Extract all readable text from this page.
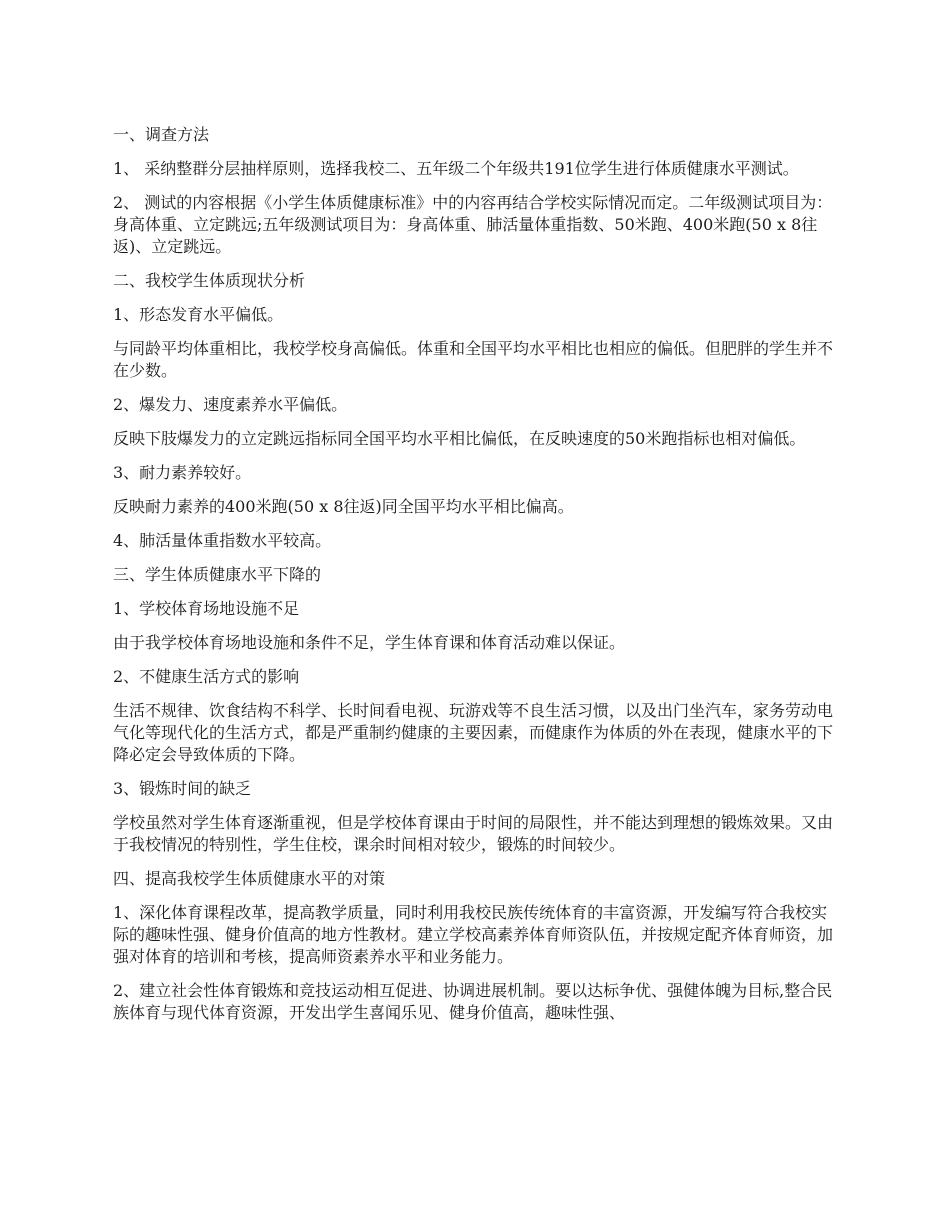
一、调查方法

1、 采纳整群分层抽样原则，选择我校二、五年级二个年级共191位学生进行体质健康水平测试。

2、 测试的内容根据《小学生体质健康标准》中的内容再结合学校实际情况而定。二年级测试项目为：身高体重、立定跳远;五年级测试项目为：身高体重、肺活量体重指数、50米跑、400米跑(50 x 8往返)、立定跳远。

二、我校学生体质现状分析

1、形态发育水平偏低。

与同龄平均体重相比，我校学校身高偏低。体重和全国平均水平相比也相应的偏低。但肥胖的学生并不在少数。

2、爆发力、速度素养水平偏低。

反映下肢爆发力的立定跳远指标同全国平均水平相比偏低，在反映速度的50米跑指标也相对偏低。

3、耐力素养较好。

反映耐力素养的400米跑(50 x 8往返)同全国平均水平相比偏高。

4、肺活量体重指数水平较高。

三、学生体质健康水平下降的

1、学校体育场地设施不足

由于我学校体育场地设施和条件不足，学生体育课和体育活动难以保证。

2、不健康生活方式的影响

生活不规律、饮食结构不科学、长时间看电视、玩游戏等不良生活习惯，以及出门坐汽车，家务劳动电气化等现代化的生活方式，都是严重制约健康的主要因素，而健康作为体质的外在表现，健康水平的下降必定会导致体质的下降。

3、锻炼时间的缺乏

学校虽然对学生体育逐渐重视，但是学校体育课由于时间的局限性，并不能达到理想的锻炼效果。又由于我校情况的特别性，学生住校，课余时间相对较少，锻炼的时间较少。

四、提高我校学生体质健康水平的对策

1、深化体育课程改革，提高教学质量，同时利用我校民族传统体育的丰富资源，开发编写符合我校实际的趣味性强、健身价值高的地方性教材。建立学校高素养体育师资队伍，并按规定配齐体育师资，加强对体育的培训和考核，提高师资素养水平和业务能力。

2、建立社会性体育锻炼和竞技运动相互促进、协调进展机制。要以达标争优、强健体魄为目标,整合民族体育与现代体育资源，开发出学生喜闻乐见、健身价值高，趣味性强、
